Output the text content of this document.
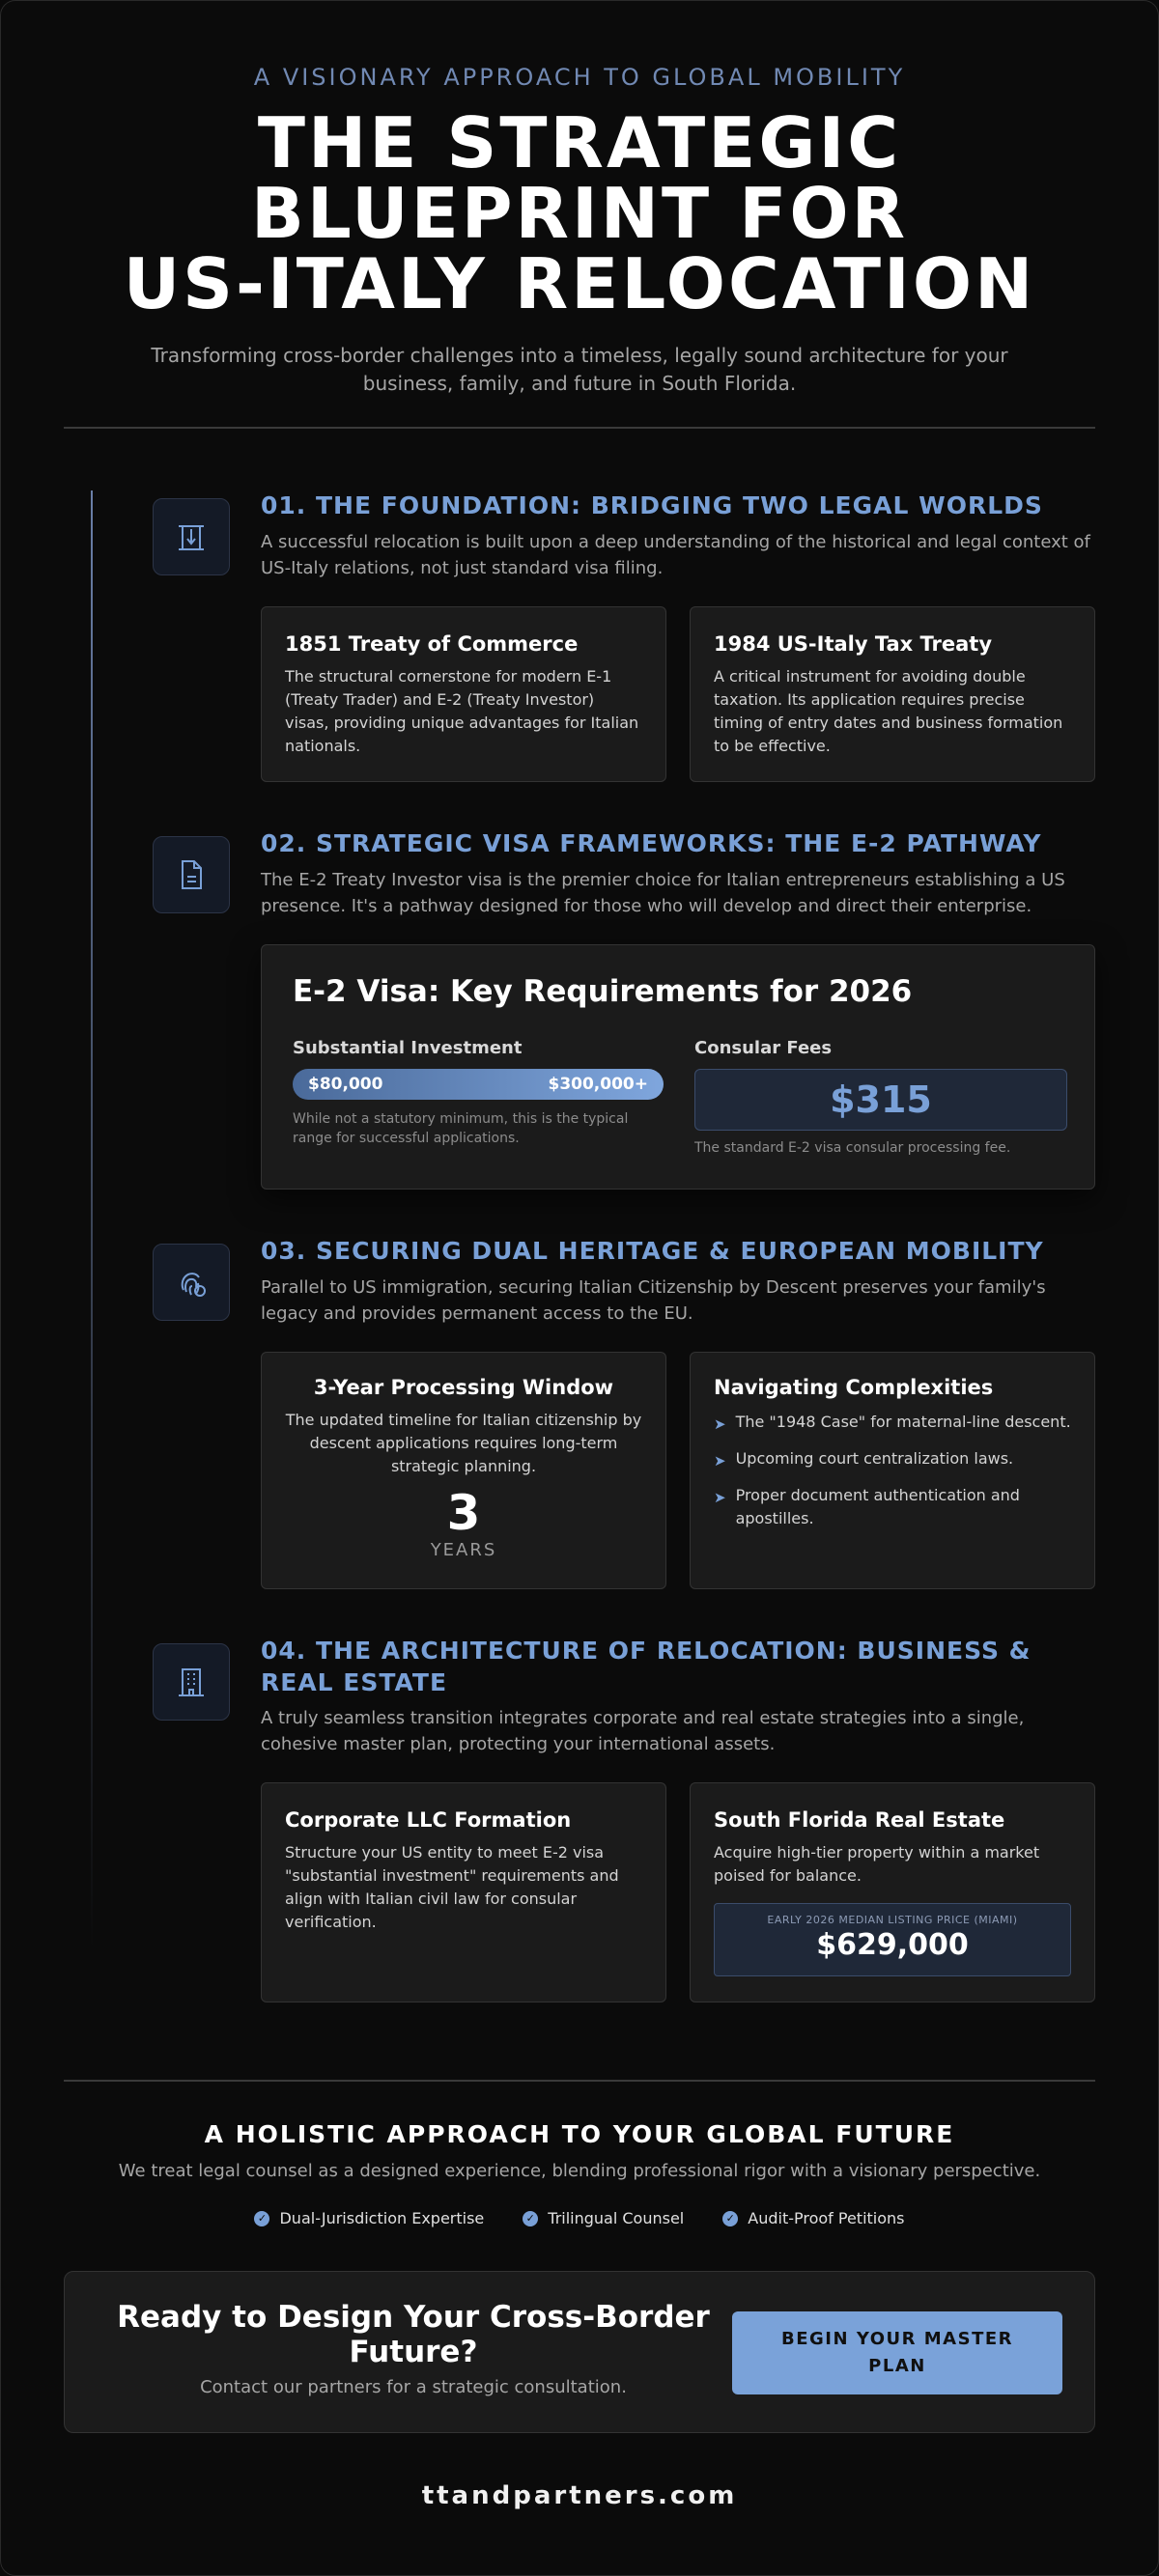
A VISIONARY APPROACH TO GLOBAL MOBILITY
THE STRATEGIC
BLUEPRINT FOR
US-ITALY RELOCATION
Transforming cross-border challenges into a timeless, legally sound architecture for your business, family, and future in South Florida.
01. THE FOUNDATION: BRIDGING TWO LEGAL WORLDS
A successful relocation is built upon a deep understanding of the historical and legal context of US-Italy relations, not just standard visa filing.
1851 Treaty of Commerce

The structural cornerstone for modern E-1 (Treaty Trader) and E-2 (Treaty Investor) visas, providing unique advantages for Italian nationals.

1984 US-Italy Tax Treaty

A critical instrument for avoiding double taxation. Its application requires precise timing of entry dates and business formation to be effective.

02. STRATEGIC VISA FRAMEWORKS: THE E-2 PATHWAY
The E-2 Treaty Investor visa is the premier choice for Italian entrepreneurs establishing a US presence. It's a pathway designed for those who will develop and direct their enterprise.
E-2 Visa: Key Requirements for 2026
Substantial Investment
$80,000	$300,000+
While not a statutory minimum, this is the typical range for successful applications.
Consular Fees
$315
The standard E-2 visa consular processing fee.
03. SECURING DUAL HERITAGE & EUROPEAN MOBILITY
Parallel to US immigration, securing Italian Citizenship by Descent preserves your family's legacy and provides permanent access to the EU.
3-Year Processing Window

The updated timeline for Italian citizenship by descent applications requires long-term strategic planning.

3
YEARS
Navigating Complexities
➤ The "1948 Case" for maternal-line descent.
➤ Upcoming court centralization laws.
➤ Proper document authentication and apostilles.
04. THE ARCHITECTURE OF RELOCATION: BUSINESS & REAL ESTATE
A truly seamless transition integrates corporate and real estate strategies into a single, cohesive master plan, protecting your international assets.
Corporate LLC Formation

Structure your US entity to meet E-2 visa "substantial investment" requirements and align with Italian civil law for consular verification.

South Florida Real Estate

Acquire high-tier property within a market poised for balance.

EARLY 2026 MEDIAN LISTING PRICE (MIAMI)
$629,000
A HOLISTIC APPROACH TO YOUR GLOBAL FUTURE
We treat legal counsel as a designed experience, blending professional rigor with a visionary perspective.
✓ Dual-Jurisdiction Expertise	✓ Trilingual Counsel	✓ Audit-Proof Petitions
Ready to Design Your Cross-Border Future?
Contact our partners for a strategic consultation.
BEGIN YOUR MASTER PLAN
ttandpartners.com
